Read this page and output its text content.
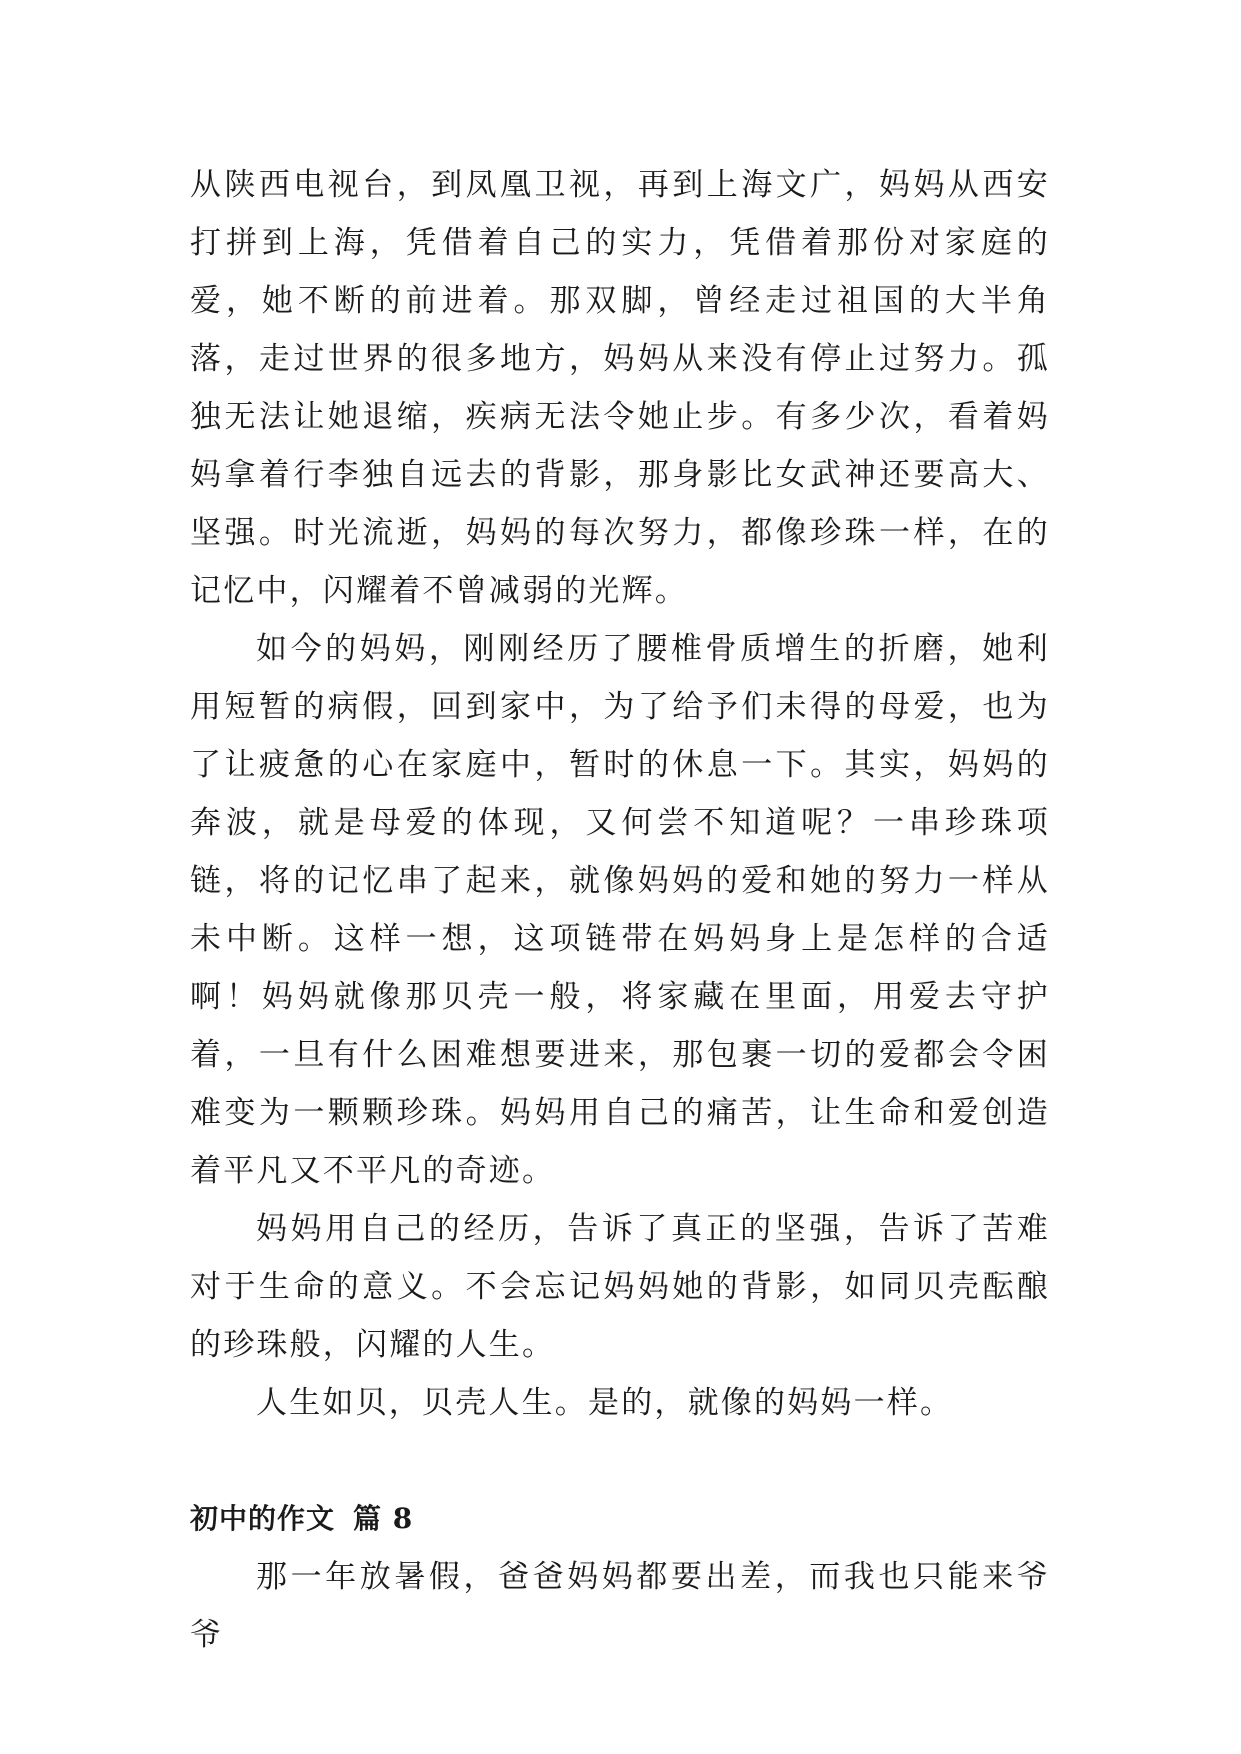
从陕西电视台，到凤凰卫视，再到上海文广，妈妈从西安打拼到上海，凭借着自己的实力，凭借着那份对家庭的爱，她不断的前进着。那双脚，曾经走过祖国的大半角落，走过世界的很多地方，妈妈从来没有停止过努力。孤独无法让她退缩，疾病无法令她止步。有多少次，看着妈妈拿着行李独自远去的背影，那身影比女武神还要高大、坚强。时光流逝，妈妈的每次努力，都像珍珠一样，在的记忆中，闪耀着不曾减弱的光辉。

如今的妈妈，刚刚经历了腰椎骨质增生的折磨，她利用短暂的病假，回到家中，为了给予们未得的母爱，也为了让疲惫的心在家庭中，暂时的休息一下。其实，妈妈的奔波，就是母爱的体现，又何尝不知道呢？一串珍珠项链，将的记忆串了起来，就像妈妈的爱和她的努力一样从未中断。这样一想，这项链带在妈妈身上是怎样的合适啊！妈妈就像那贝壳一般，将家藏在里面，用爱去守护着，一旦有什么困难想要进来，那包裹一切的爱都会令困难变为一颗颗珍珠。妈妈用自己的痛苦，让生命和爱创造着平凡又不平凡的奇迹。

妈妈用自己的经历，告诉了真正的坚强，告诉了苦难对于生命的意义。不会忘记妈妈她的背影，如同贝壳酝酿的珍珠般，闪耀的人生。

人生如贝，贝壳人生。是的，就像的妈妈一样。

初中的作文 篇 8

那一年放暑假，爸爸妈妈都要出差，而我也只能来爷爷
